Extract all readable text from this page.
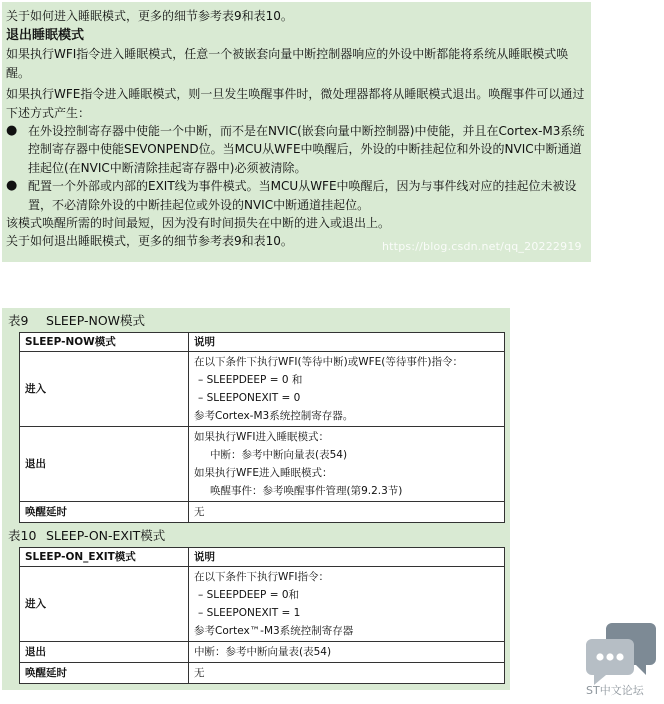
关于如何进入睡眠模式，更多的细节参考表9和表10。

退出睡眠模式

如果执行WFI指令进入睡眠模式，任意一个被嵌套向量中断控制器响应的外设中断都能将系统从睡眠模式唤醒。

如果执行WFE指令进入睡眠模式，则一旦发生唤醒事件时，微处理器都将从睡眠模式退出。唤醒事件可以通过下述方式产生：

● 在外设控制寄存器中使能一个中断，而不是在NVIC(嵌套向量中断控制器)中使能，并且在Cortex-M3系统控制寄存器中使能SEVONPEND位。当MCU从WFE中唤醒后，外设的中断挂起位和外设的NVIC中断通道挂起位(在NVIC中断清除挂起寄存器中)必须被清除。
● 配置一个外部或内部的EXIT线为事件模式。当MCU从WFE中唤醒后，因为与事件线对应的挂起位未被设置，不必清除外设的中断挂起位或外设的NVIC中断通道挂起位。

该模式唤醒所需的时间最短，因为没有时间损失在中断的进入或退出上。

关于如何退出睡眠模式，更多的细节参考表9和表10。	https://blog.csdn.net/qq_20222919
表9 SLEEP-NOW模式
SLEEP-NOW模式	说明
进入	在以下条件下执行WFI(等待中断)或WFE(等待事件)指令：
– SLEEPDEEP = 0 和
– SLEEPONEXIT = 0
参考Cortex-M3系统控制寄存器。

退出	如果执行WFI进入睡眠模式：
中断：参考中断向量表(表54)
如果执行WFE进入睡眠模式：
唤醒事件：参考唤醒事件管理(第9.2.3节)

唤醒延时	无
表10 SLEEP-ON-EXIT模式
SLEEP-ON_EXIT模式	说明
进入	在以下条件下执行WFI指令：
– SLEEPDEEP = 0和
– SLEEPONEXIT = 1
参考Cortex™-M3系统控制寄存器

退出	中断：参考中断向量表(表54)
唤醒延时	无	https://blog.csdn.net/qq_20222919
ST中文论坛
